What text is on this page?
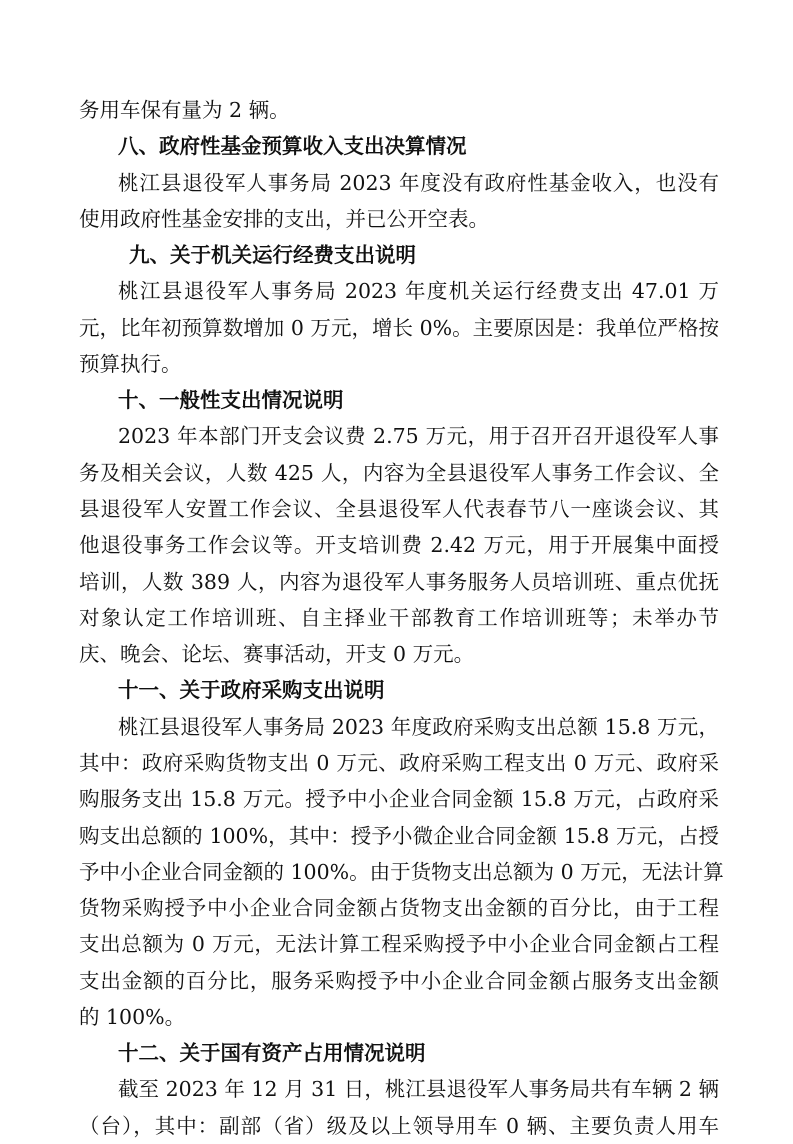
务用车保有量为 2 辆。
八、政府性基金预算收入支出决算情况
桃江县退役军人事务局 2023 年度没有政府性基金收入，也没有
使用政府性基金安排的支出，并已公开空表。
九、关于机关运行经费支出说明
桃江县退役军人事务局 2023 年度机关运行经费支出 47.01 万
元，比年初预算数增加 0 万元，增长 0%。主要原因是：我单位严格按
预算执行。
十、一般性支出情况说明
2023 年本部门开支会议费 2.75 万元，用于召开召开退役军人事
务及相关会议，人数 425 人，内容为全县退役军人事务工作会议、全
县退役军人安置工作会议、全县退役军人代表春节八一座谈会议、其
他退役事务工作会议等。开支培训费 2.42 万元，用于开展集中面授
培训，人数 389 人，内容为退役军人事务服务人员培训班、重点优抚
对象认定工作培训班、自主择业干部教育工作培训班等；未举办节
庆、晚会、论坛、赛事活动，开支 0 万元。
十一、关于政府采购支出说明
桃江县退役军人事务局 2023 年度政府采购支出总额 15.8 万元，
其中：政府采购货物支出 0 万元、政府采购工程支出 0 万元、政府采
购服务支出 15.8 万元。授予中小企业合同金额 15.8 万元，占政府采
购支出总额的 100%，其中：授予小微企业合同金额 15.8 万元，占授
予中小企业合同金额的 100%。由于货物支出总额为 0 万元，无法计算
货物采购授予中小企业合同金额占货物支出金额的百分比，由于工程
支出总额为 0 万元，无法计算工程采购授予中小企业合同金额占工程
支出金额的百分比，服务采购授予中小企业合同金额占服务支出金额
的 100%。
十二、关于国有资产占用情况说明
截至 2023 年 12 月 31 日，桃江县退役军人事务局共有车辆 2 辆
（台），其中：副部（省）级及以上领导用车 0 辆、主要负责人用车
